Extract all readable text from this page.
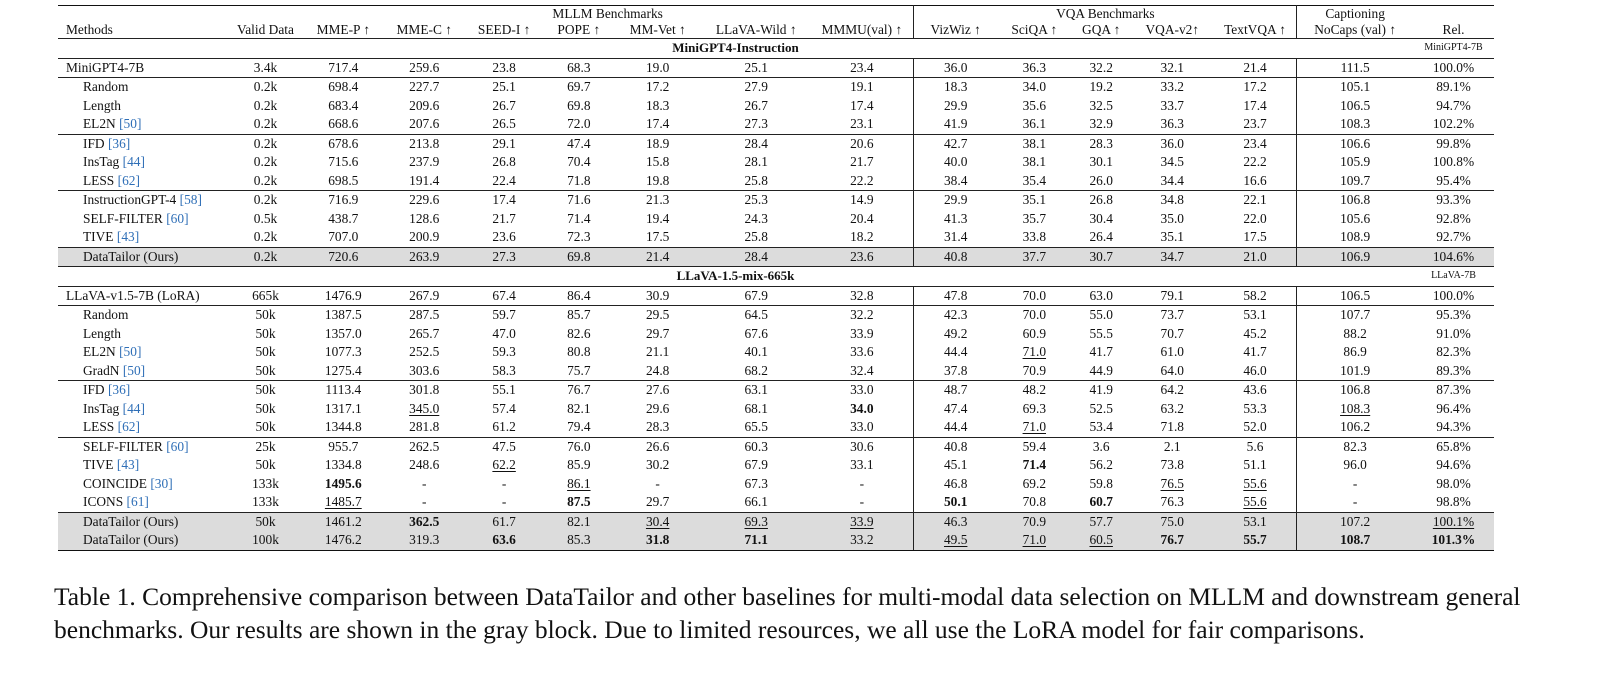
		MLLM Benchmarks							VQA Benchmarks					Captioning	
Methods	Valid Data	MME-P ↑	MME-C ↑	SEED-I ↑	POPE ↑	MM-Vet ↑	LLaVA-Wild ↑	MMMU(val) ↑	VizWiz ↑	SciQA ↑	GQA ↑	VQA-v2↑	TextVQA ↑	NoCaps (val) ↑	Rel.
MiniGPT4-Instruction															MiniGPT4-7B
MiniGPT4-7B	3.4k	717.4	259.6	23.8	68.3	19.0	25.1	23.4	36.0	36.3	32.2	32.1	21.4	111.5	100.0%
Random	0.2k	698.4	227.7	25.1	69.7	17.2	27.9	19.1	18.3	34.0	19.2	33.2	17.2	105.1	89.1%
Length	0.2k	683.4	209.6	26.7	69.8	18.3	26.7	17.4	29.9	35.6	32.5	33.7	17.4	106.5	94.7%
EL2N [50]	0.2k	668.6	207.6	26.5	72.0	17.4	27.3	23.1	41.9	36.1	32.9	36.3	23.7	108.3	102.2%
IFD [36]	0.2k	678.6	213.8	29.1	47.4	18.9	28.4	20.6	42.7	38.1	28.3	36.0	23.4	106.6	99.8%
InsTag [44]	0.2k	715.6	237.9	26.8	70.4	15.8	28.1	21.7	40.0	38.1	30.1	34.5	22.2	105.9	100.8%
LESS [62]	0.2k	698.5	191.4	22.4	71.8	19.8	25.8	22.2	38.4	35.4	26.0	34.4	16.6	109.7	95.4%
InstructionGPT-4 [58]	0.2k	716.9	229.6	17.4	71.6	21.3	25.3	14.9	29.9	35.1	26.8	34.8	22.1	106.8	93.3%
SELF-FILTER [60]	0.5k	438.7	128.6	21.7	71.4	19.4	24.3	20.4	41.3	35.7	30.4	35.0	22.0	105.6	92.8%
TIVE [43]	0.2k	707.0	200.9	23.6	72.3	17.5	25.8	18.2	31.4	33.8	26.4	35.1	17.5	108.9	92.7%
DataTailor (Ours)	0.2k	720.6	263.9	27.3	69.8	21.4	28.4	23.6	40.8	37.7	30.7	34.7	21.0	106.9	104.6%
LLaVA-1.5-mix-665k															LLaVA-7B
LLaVA-v1.5-7B (LoRA)	665k	1476.9	267.9	67.4	86.4	30.9	67.9	32.8	47.8	70.0	63.0	79.1	58.2	106.5	100.0%
Random	50k	1387.5	287.5	59.7	85.7	29.5	64.5	32.2	42.3	70.0	55.0	73.7	53.1	107.7	95.3%
Length	50k	1357.0	265.7	47.0	82.6	29.7	67.6	33.9	49.2	60.9	55.5	70.7	45.2	88.2	91.0%
EL2N [50]	50k	1077.3	252.5	59.3	80.8	21.1	40.1	33.6	44.4	71.0	41.7	61.0	41.7	86.9	82.3%
GradN [50]	50k	1275.4	303.6	58.3	75.7	24.8	68.2	32.4	37.8	70.9	44.9	64.0	46.0	101.9	89.3%
IFD [36]	50k	1113.4	301.8	55.1	76.7	27.6	63.1	33.0	48.7	48.2	41.9	64.2	43.6	106.8	87.3%
InsTag [44]	50k	1317.1	345.0	57.4	82.1	29.6	68.1	34.0	47.4	69.3	52.5	63.2	53.3	108.3	96.4%
LESS [62]	50k	1344.8	281.8	61.2	79.4	28.3	65.5	33.0	44.4	71.0	53.4	71.8	52.0	106.2	94.3%
SELF-FILTER [60]	25k	955.7	262.5	47.5	76.0	26.6	60.3	30.6	40.8	59.4	3.6	2.1	5.6	82.3	65.8%
TIVE [43]	50k	1334.8	248.6	62.2	85.9	30.2	67.9	33.1	45.1	71.4	56.2	73.8	51.1	96.0	94.6%
COINCIDE [30]	133k	1495.6	-	-	86.1	-	67.3	-	46.8	69.2	59.8	76.5	55.6	-	98.0%
ICONS [61]	133k	1485.7	-	-	87.5	29.7	66.1	-	50.1	70.8	60.7	76.3	55.6	-	98.8%
DataTailor (Ours)	50k	1461.2	362.5	61.7	82.1	30.4	69.3	33.9	46.3	70.9	57.7	75.0	53.1	107.2	100.1%
DataTailor (Ours)	100k	1476.2	319.3	63.6	85.3	31.8	71.1	33.2	49.5	71.0	60.5	76.7	55.7	108.7	101.3%
Table 1. Comprehensive comparison between DataTailor and other baselines for multi-modal data selection on MLLM and downstream general benchmarks. Our results are shown in the gray block. Due to limited resources, we all use the LoRA model for fair comparisons.
